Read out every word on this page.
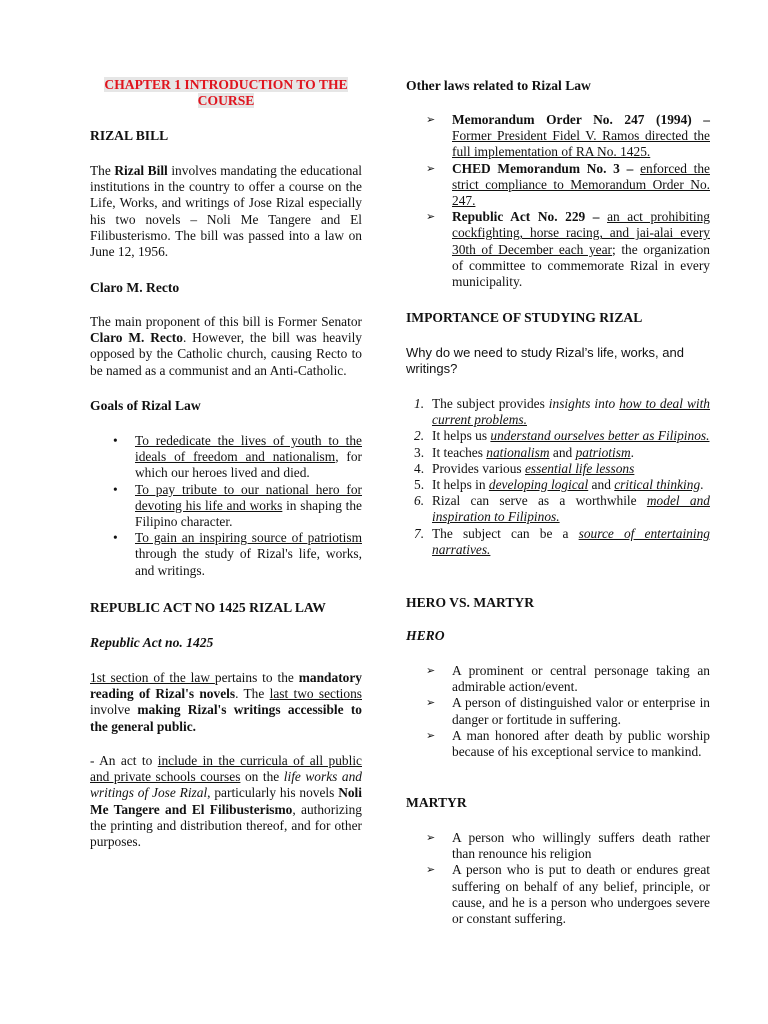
CHAPTER 1 INTRODUCTION TO THE COURSE
RIZAL BILL
The Rizal Bill involves mandating the educational institutions in the country to offer a course on the Life, Works, and writings of Jose Rizal especially his two novels – Noli Me Tangere and El Filibusterismo. The bill was passed into a law on June 12, 1956.
Claro M. Recto
The main proponent of this bill is Former Senator Claro M. Recto. However, the bill was heavily opposed by the Catholic church, causing Recto to be named as a communist and an Anti-Catholic.
Goals of Rizal Law
• To rededicate the lives of youth to the ideals of freedom and nationalism, for which our heroes lived and died.
• To pay tribute to our national hero for devoting his life and works in shaping the Filipino character.
• To gain an inspiring source of patriotism through the study of Rizal's life, works, and writings.
REPUBLIC ACT NO 1425 RIZAL LAW
Republic Act no. 1425
1st section of the law pertains to the mandatory reading of Rizal's novels. The last two sections involve making Rizal's writings accessible to the general public.
- An act to include in the curricula of all public and private schools courses on the life works and writings of Jose Rizal, particularly his novels Noli Me Tangere and El Filibusterismo, authorizing the printing and distribution thereof, and for other purposes.
Other laws related to Rizal Law
➢ Memorandum Order No. 247 (1994) – Former President Fidel V. Ramos directed the full implementation of RA No. 1425.
➢ CHED Memorandum No. 3 – enforced the strict compliance to Memorandum Order No. 247.
➢ Republic Act No. 229 – an act prohibiting cockfighting, horse racing, and jai-alai every 30th of December each year; the organization of committee to commemorate Rizal in every municipality.
IMPORTANCE OF STUDYING RIZAL
Why do we need to study Rizal’s life, works, and writings?
1. The subject provides insights into how to deal with current problems.
2. It helps us understand ourselves better as Filipinos.
3. It teaches nationalism and patriotism.
4. Provides various essential life lessons
5. It helps in developing logical and critical thinking.
6. Rizal can serve as a worthwhile model and inspiration to Filipinos.
7. The subject can be a source of entertaining narratives.
HERO VS. MARTYR
HERO
➢ A prominent or central personage taking an admirable action/event.
➢ A person of distinguished valor or enterprise in danger or fortitude in suffering.
➢ A man honored after death by public worship because of his exceptional service to mankind.
MARTYR
➢ A person who willingly suffers death rather than renounce his religion
➢ A person who is put to death or endures great suffering on behalf of any belief, principle, or cause, and he is a person who undergoes severe or constant suffering.
